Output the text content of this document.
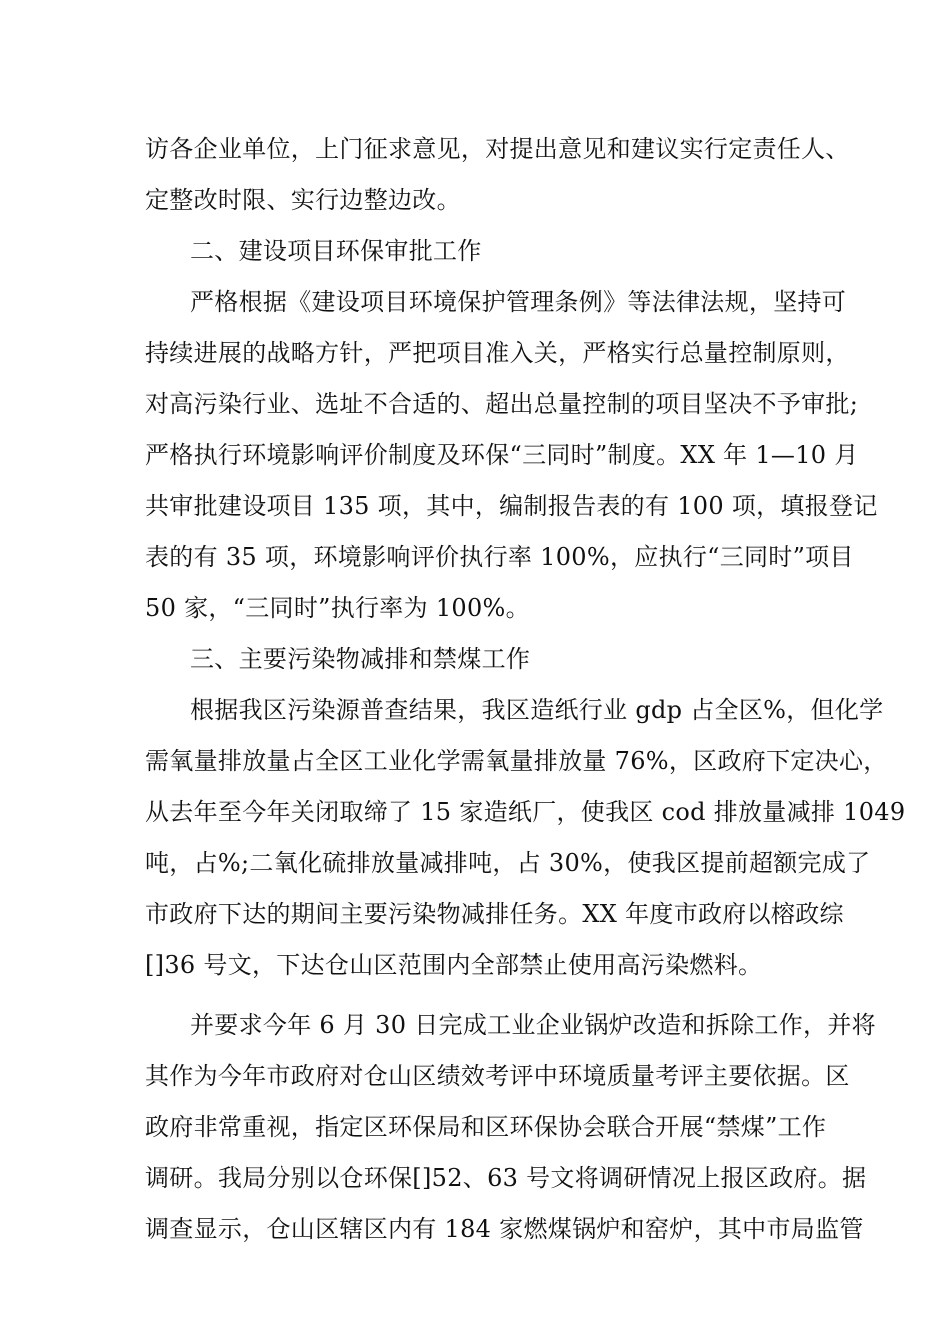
访各企业单位，上门征求意见，对提出意见和建议实行定责任人、
定整改时限、实行边整边改。
二、建设项目环保审批工作
严格根据《建设项目环境保护管理条例》等法律法规，坚持可
持续进展的战略方针，严把项目准入关，严格实行总量控制原则，
对高污染行业、选址不合适的、超出总量控制的项目坚决不予审批;
严格执行环境影响评价制度及环保“三同时”制度。XX 年 1—10 月
共审批建设项目 135 项，其中，编制报告表的有 100 项，填报登记
表的有 35 项，环境影响评价执行率 100%，应执行“三同时”项目
50 家，“三同时”执行率为 100%。
三、主要污染物减排和禁煤工作
根据我区污染源普查结果，我区造纸行业 gdp 占全区%，但化学
需氧量排放量占全区工业化学需氧量排放量 76%，区政府下定决心，
从去年至今年关闭取缔了 15 家造纸厂，使我区 cod 排放量减排 1049
吨，占%;二氧化硫排放量减排吨，占 30%，使我区提前超额完成了
市政府下达的期间主要污染物减排任务。XX 年度市政府以榕政综
[]36 号文，下达仓山区范围内全部禁止使用高污染燃料。
并要求今年 6 月 30 日完成工业企业锅炉改造和拆除工作，并将
其作为今年市政府对仓山区绩效考评中环境质量考评主要依据。区
政府非常重视，指定区环保局和区环保协会联合开展“禁煤”工作
调研。我局分别以仓环保[]52、63 号文将调研情况上报区政府。据
调查显示，仓山区辖区内有 184 家燃煤锅炉和窑炉，其中市局监管
